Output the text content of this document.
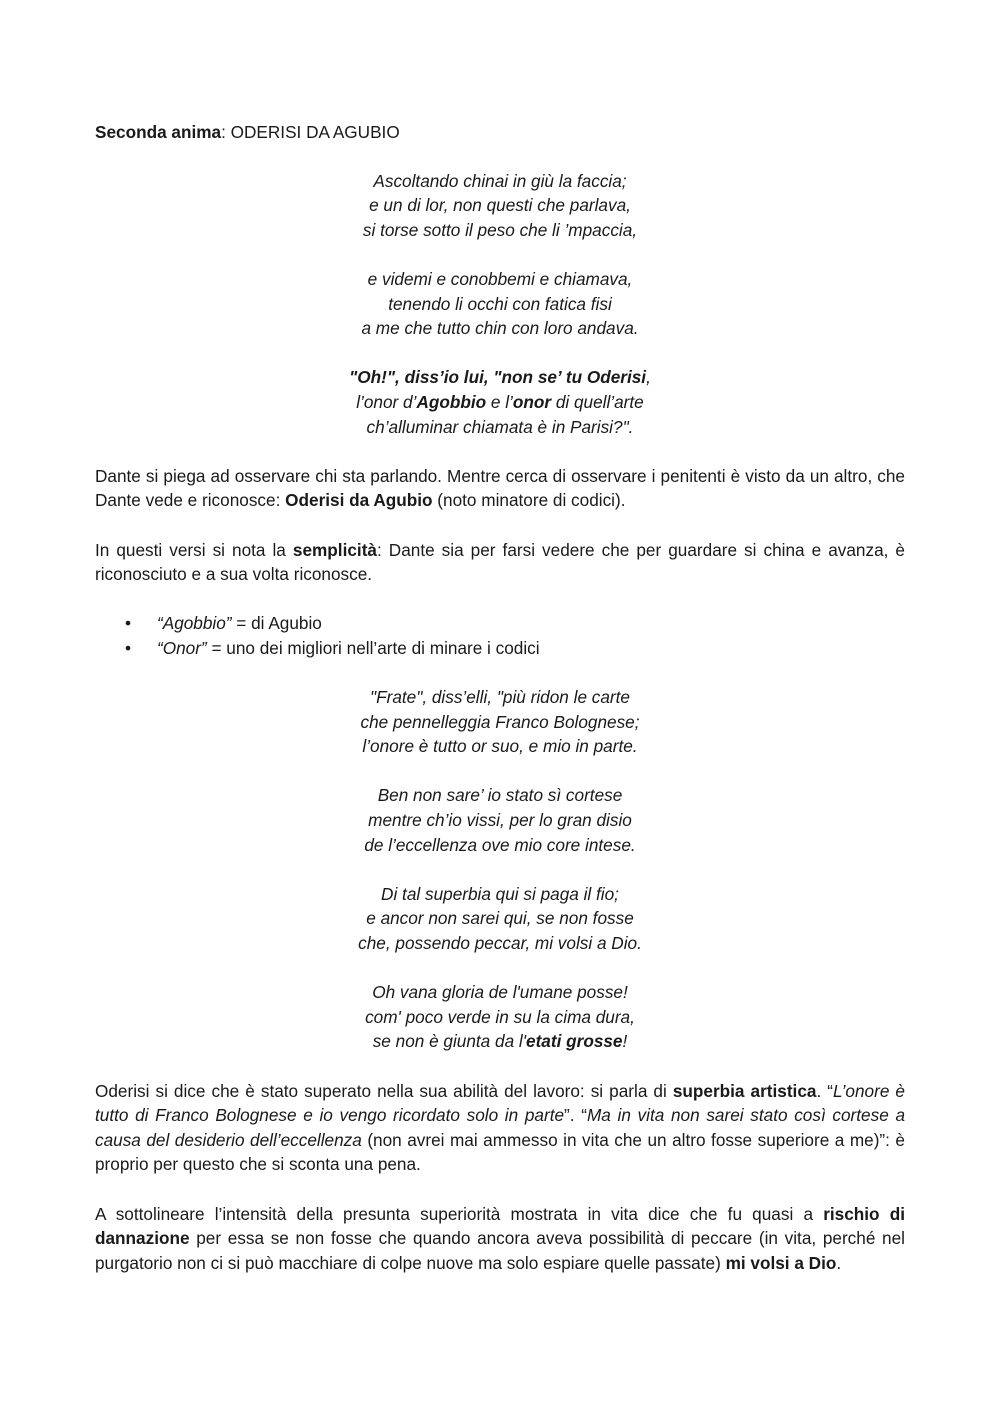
Seconda anima: ODERISI DA AGUBIO

Ascoltando chinai in giù la faccia;
e un di lor, non questi che parlava,
si torse sotto il peso che li ’mpaccia,
e videmi e conobbemi e chiamava,
tenendo li occhi con fatica fisi
a me che tutto chin con loro andava.
"Oh!", diss’io lui, "non se’ tu Oderisi,
l’onor d’Agobbio e l’onor di quell’arte
ch’alluminar chiamata è in Parisi?".

Dante si piega ad osservare chi sta parlando. Mentre cerca di osservare i penitenti è visto da un altro, che Dante vede e riconosce: Oderisi da Agubio (noto minatore di codici).

In questi versi si nota la semplicità: Dante sia per farsi vedere che per guardare si china e avanza, è riconosciuto e a sua volta riconosce.

• “Agobbio” = di Agubio
• “Onor” = uno dei migliori nell’arte di minare i codici
"Frate", diss’elli, "più ridon le carte
che pennelleggia Franco Bolognese;
l’onore è tutto or suo, e mio in parte.
Ben non sare’ io stato sì cortese
mentre ch’io vissi, per lo gran disio
de l’eccellenza ove mio core intese.
Di tal superbia qui si paga il fio;
e ancor non sarei qui, se non fosse
che, possendo peccar, mi volsi a Dio.
Oh vana gloria de l'umane posse!
com' poco verde in su la cima dura,
se non è giunta da l'etati grosse!

Oderisi si dice che è stato superato nella sua abilità del lavoro: si parla di superbia artistica. “L’onore è tutto di Franco Bolognese e io vengo ricordato solo in parte”. “Ma in vita non sarei stato così cortese a causa del desiderio dell’eccellenza (non avrei mai ammesso in vita che un altro fosse superiore a me)”: è proprio per questo che si sconta una pena.

A sottolineare l’intensità della presunta superiorità mostrata in vita dice che fu quasi a rischio di dannazione per essa se non fosse che quando ancora aveva possibilità di peccare (in vita, perché nel purgatorio non ci si può macchiare di colpe nuove ma solo espiare quelle passate) mi volsi a Dio.
